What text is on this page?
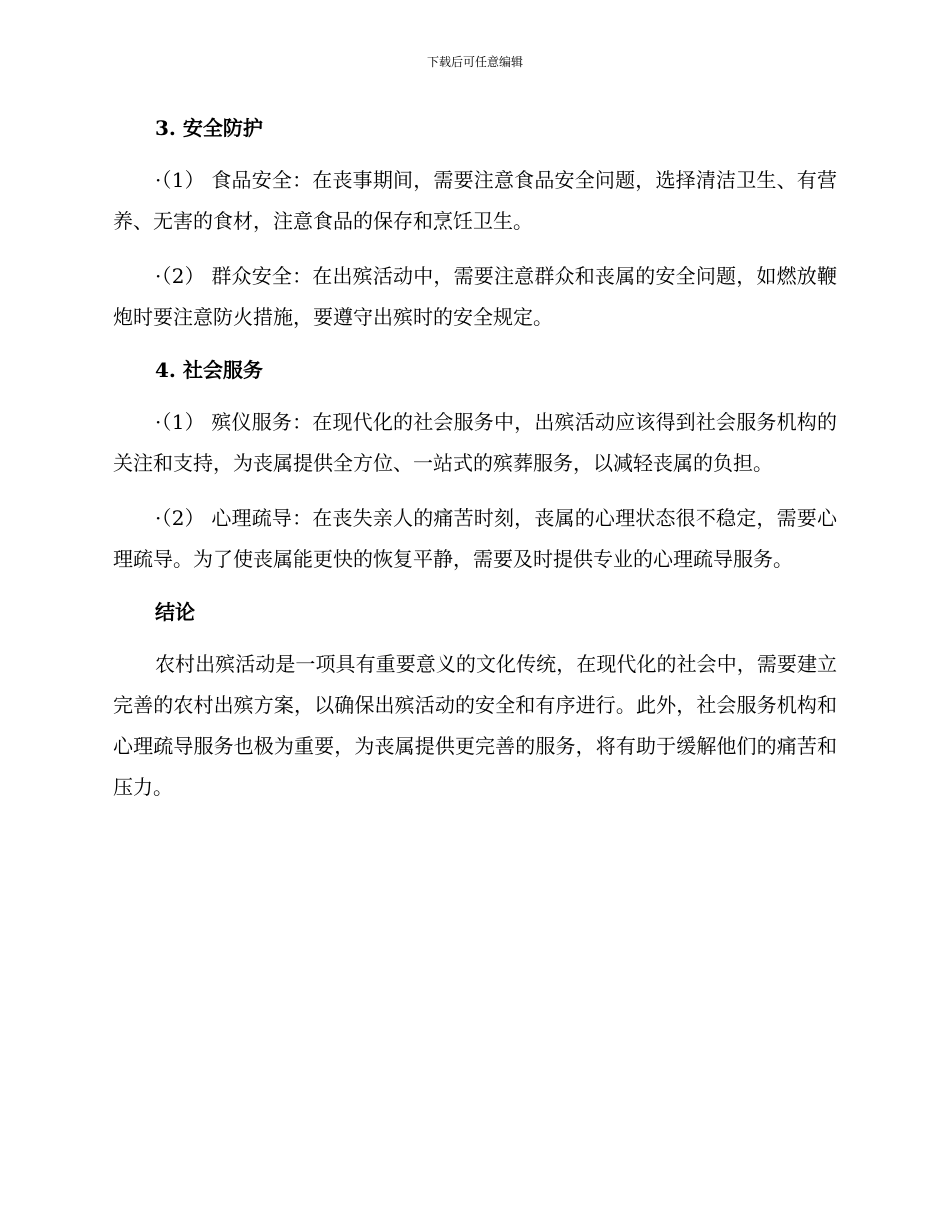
下载后可任意编辑
3. 安全防护

·（1） 食品安全：在丧事期间，需要注意食品安全问题，选择清洁卫生、有营养、无害的食材，注意食品的保存和烹饪卫生。

·（2） 群众安全：在出殡活动中，需要注意群众和丧属的安全问题，如燃放鞭炮时要注意防火措施，要遵守出殡时的安全规定。

4. 社会服务

·（1） 殡仪服务：在现代化的社会服务中，出殡活动应该得到社会服务机构的关注和支持，为丧属提供全方位、一站式的殡葬服务，以减轻丧属的负担。

·（2） 心理疏导：在丧失亲人的痛苦时刻，丧属的心理状态很不稳定，需要心理疏导。为了使丧属能更快的恢复平静，需要及时提供专业的心理疏导服务。

结论

农村出殡活动是一项具有重要意义的文化传统，在现代化的社会中，需要建立完善的农村出殡方案，以确保出殡活动的安全和有序进行。此外，社会服务机构和心理疏导服务也极为重要，为丧属提供更完善的服务，将有助于缓解他们的痛苦和压力。
